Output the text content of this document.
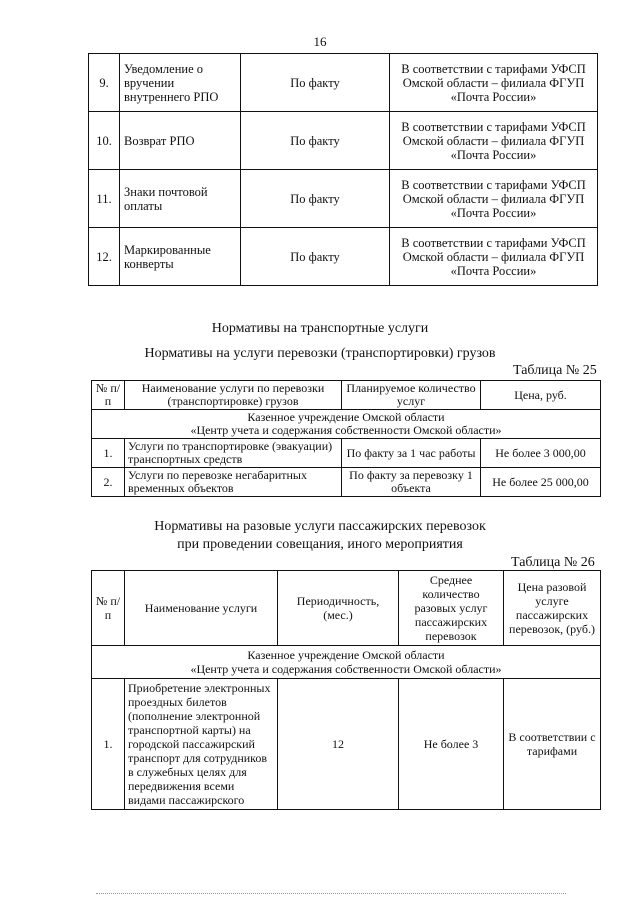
16
9.	Уведомление о вручении внутреннего РПО	По факту	В соответствии с тарифами УФСП Омской области – филиала ФГУП «Почта России»
10.	Возврат РПО	По факту	В соответствии с тарифами УФСП Омской области – филиала ФГУП «Почта России»
11.	Знаки почтовой оплаты	По факту	В соответствии с тарифами УФСП Омской области – филиала ФГУП «Почта России»
12.	Маркированные конверты	По факту	В соответствии с тарифами УФСП Омской области – филиала ФГУП «Почта России»
Нормативы на транспортные услуги
Нормативы на услуги перевозки (транспортировки) грузов
Таблица № 25
№ п/п	Наименование услуги по перевозки (транспортировке) грузов	Планируемое количество услуг	Цена, руб.

Казенное учреждение Омской области
«Центр учета и содержания собственности Омской области»			

1.	Услуги по транспортировке (эвакуации) транспортных средств	По факту за 1 час работы	Не более 3 000,00
2.	Услуги по перевозке негабаритных временных объектов	По факту за перевозку 1 объекта	Не более 25 000,00
Нормативы на разовые услуги пассажирских перевозок
при проведении совещания, иного мероприятия
Таблица № 26
№ п/п	Наименование услуги	Периодичность, (мес.)	Среднее количество разовых услуг пассажирских перевозок	Цена разовой услуге пассажирских перевозок, (руб.)

Казенное учреждение Омской области
«Центр учета и содержания собственности Омской области»				

1.	Приобретение электронных проездных билетов (пополнение электронной транспортной карты) на городской пассажирский транспорт для сотрудников в служебных целях для передвижения всеми видами пассажирского	12	Не более 3	В соответствии с тарифами
